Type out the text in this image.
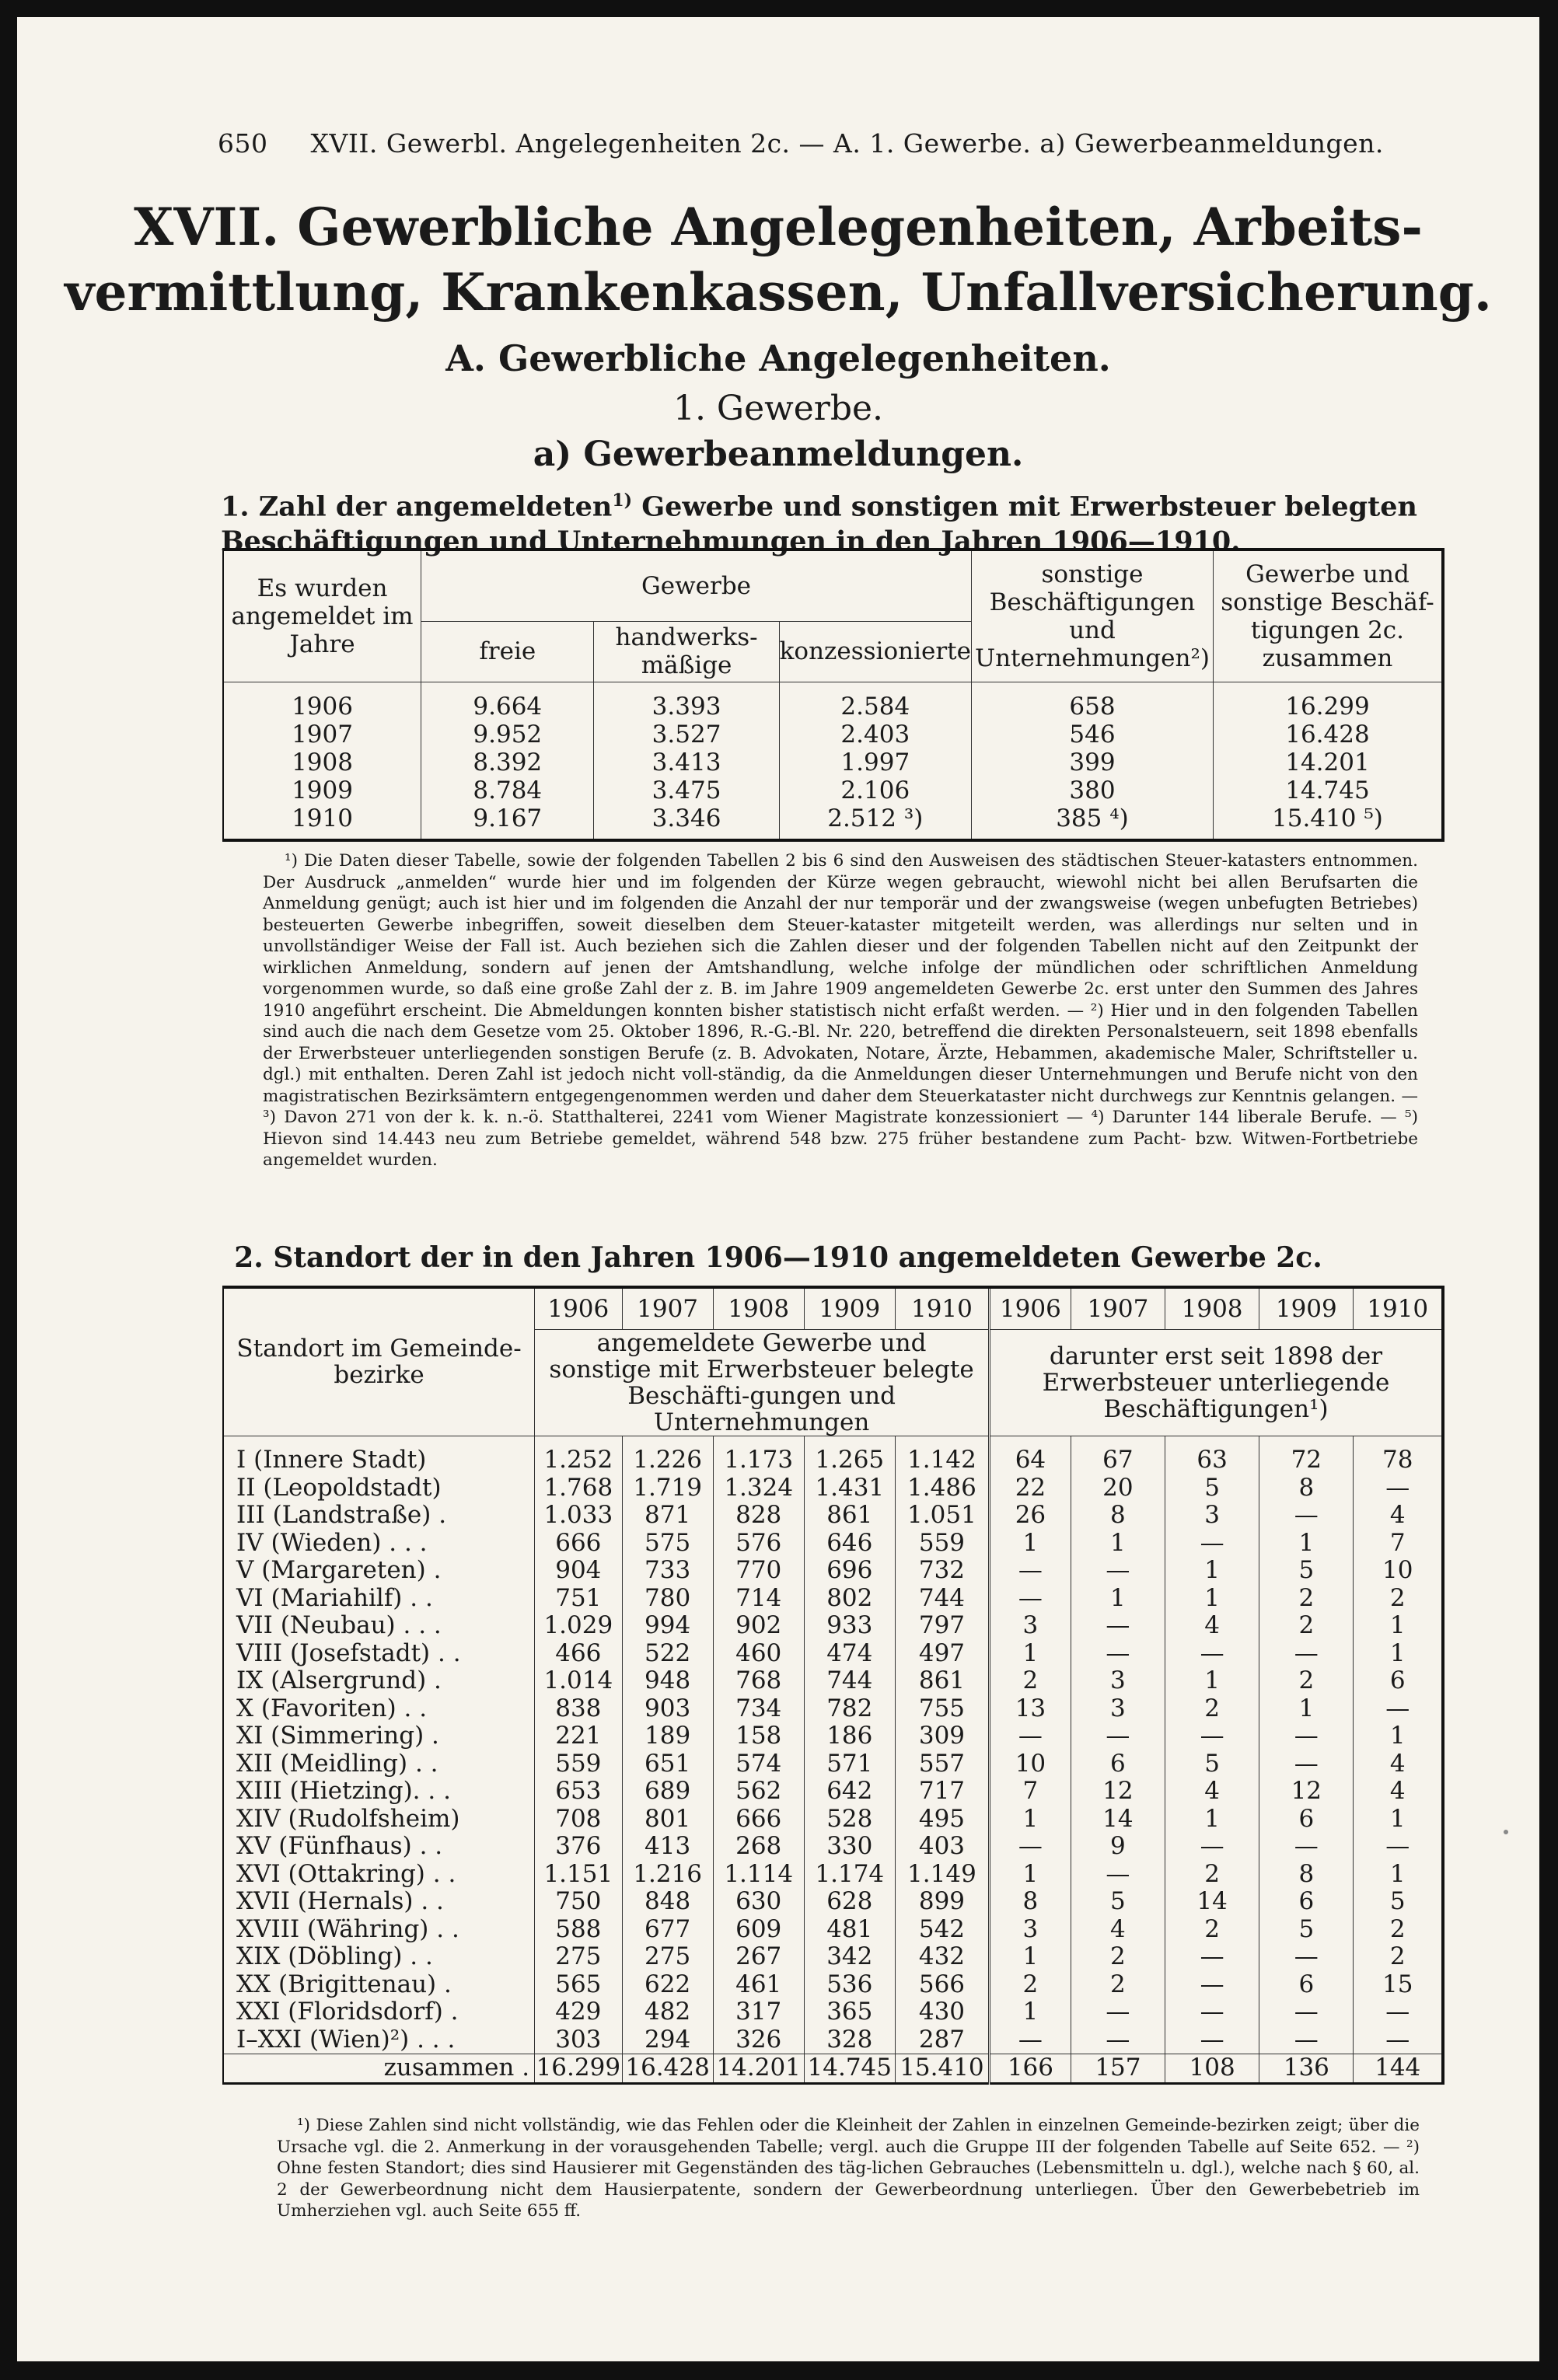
650 XVII. Gewerbl. Angelegenheiten 2c. — A. 1. Gewerbe. a) Gewerbeanmeldungen.
XVII. Gewerbliche Angelegenheiten, Arbeits-
vermittlung, Krankenkassen, Unfallversicherung.
A. Gewerbliche Angelegenheiten.
1. Gewerbe.
a) Gewerbeanmeldungen.
1. Zahl der angemeldeten$^{1)}$ Gewerbe und sonstigen mit Erwerbsteuer belegten Beschäftigungen und Unternehmungen in den Jahren 1906—1910.
Es wurden angemeldet im Jahre	Gewerbe			sonstige Beschäftigungen und Unternehmungen²)	Gewerbe und sonstige Beschäf-tigungen 2c. zusammen
	freie	handwerks-mäßige	konzessionierte		

1906	9.664	3.393	2.584	658	16.299
1907	9.952	3.527	2.403	546	16.428
1908	8.392	3.413	1.997	399	14.201
1909	8.784	3.475	2.106	380	14.745
1910	9.167	3.346	2.512 ³)	385 ⁴)	15.410 ⁵)

¹) Die Daten dieser Tabelle, sowie der folgenden Tabellen 2 bis 6 sind den Ausweisen des städtischen Steuer-katasters entnommen. Der Ausdruck „anmelden“ wurde hier und im folgenden der Kürze wegen gebraucht, wiewohl nicht bei allen Berufsarten die Anmeldung genügt; auch ist hier und im folgenden die Anzahl der nur temporär und der zwangsweise (wegen unbefugten Betriebes) besteuerten Gewerbe inbegriffen, soweit dieselben dem Steuer-kataster mitgeteilt werden, was allerdings nur selten und in unvollständiger Weise der Fall ist. Auch beziehen sich die Zahlen dieser und der folgenden Tabellen nicht auf den Zeitpunkt der wirklichen Anmeldung, sondern auf jenen der Amtshandlung, welche infolge der mündlichen oder schriftlichen Anmeldung vorgenommen wurde, so daß eine große Zahl der z. B. im Jahre 1909 angemeldeten Gewerbe 2c. erst unter den Summen des Jahres 1910 angeführt erscheint. Die Abmeldungen konnten bisher statistisch nicht erfaßt werden. — ²) Hier und in den folgenden Tabellen sind auch die nach dem Gesetze vom 25. Oktober 1896, R.-G.-Bl. Nr. 220, betreffend die direkten Personalsteuern, seit 1898 ebenfalls der Erwerbsteuer unterliegenden sonstigen Berufe (z. B. Advokaten, Notare, Ärzte, Hebammen, akademische Maler, Schriftsteller u. dgl.) mit enthalten. Deren Zahl ist jedoch nicht voll-ständig, da die Anmeldungen dieser Unternehmungen und Berufe nicht von den magistratischen Bezirksämtern entgegengenommen werden und daher dem Steuerkataster nicht durchwegs zur Kenntnis gelangen. — ³) Davon 271 von der k. k. n.-ö. Statthalterei, 2241 vom Wiener Magistrate konzessioniert — ⁴) Darunter 144 liberale Berufe. — ⁵) Hievon sind 14.443 neu zum Betriebe gemeldet, während 548 bzw. 275 früher bestandene zum Pacht- bzw. Witwen-Fortbetriebe angemeldet wurden.
2. Standort der in den Jahren 1906—1910 angemeldeten Gewerbe 2c.
Standort im Gemeinde-bezirke	1906	1907	1908	1909	1910	1906	1907	1908	1909	1910
	angemeldete Gewerbe und sonstige mit Erwerbsteuer belegte Beschäfti-gungen und Unternehmungen					darunter erst seit 1898 der Erwerbsteuer unterliegende Beschäftigungen¹)				

I (Innere Stadt)	1.252	1.226	1.173	1.265	1.142	64	67	63	72	78
II (Leopoldstadt)	1.768	1.719	1.324	1.431	1.486	22	20	5	8	—
III (Landstraße) .	1.033	871	828	861	1.051	26	8	3	—	4
IV (Wieden) . . .	666	575	576	646	559	1	1	—	1	7
V (Margareten) .	904	733	770	696	732	—	—	1	5	10
VI (Mariahilf) . .	751	780	714	802	744	—	1	1	2	2
VII (Neubau) . . .	1.029	994	902	933	797	3	—	4	2	1
VIII (Josefstadt) . .	466	522	460	474	497	1	—	—	—	1
IX (Alsergrund) .	1.014	948	768	744	861	2	3	1	2	6
X (Favoriten) . .	838	903	734	782	755	13	3	2	1	—
XI (Simmering) .	221	189	158	186	309	—	—	—	—	1
XII (Meidling) . .	559	651	574	571	557	10	6	5	—	4
XIII (Hietzing). . .	653	689	562	642	717	7	12	4	12	4
XIV (Rudolfsheim)	708	801	666	528	495	1	14	1	6	1
XV (Fünfhaus) . .	376	413	268	330	403	—	9	—	—	—
XVI (Ottakring) . .	1.151	1.216	1.114	1.174	1.149	1	—	2	8	1
XVII (Hernals) . .	750	848	630	628	899	8	5	14	6	5
XVIII (Währing) . .	588	677	609	481	542	3	4	2	5	2
XIX (Döbling) . .	275	275	267	342	432	1	2	—	—	2
XX (Brigittenau) .	565	622	461	536	566	2	2	—	6	15
XXI (Floridsdorf) .	429	482	317	365	430	1	—	—	—	—
I–XXI (Wien)²) . . .	303	294	326	328	287	—	—	—	—	—
zusammen .	16.299	16.428	14.201	14.745	15.410	166	157	108	136	144
¹) Diese Zahlen sind nicht vollständig, wie das Fehlen oder die Kleinheit der Zahlen in einzelnen Gemeinde-bezirken zeigt; über die Ursache vgl. die 2. Anmerkung in der vorausgehenden Tabelle; vergl. auch die Gruppe III der folgenden Tabelle auf Seite 652. — ²) Ohne festen Standort; dies sind Hausierer mit Gegenständen des täg-lichen Gebrauches (Lebensmitteln u. dgl.), welche nach § 60, al. 2 der Gewerbeordnung nicht dem Hausierpatente, sondern der Gewerbeordnung unterliegen. Über den Gewerbebetrieb im Umherziehen vgl. auch Seite 655 ff.
